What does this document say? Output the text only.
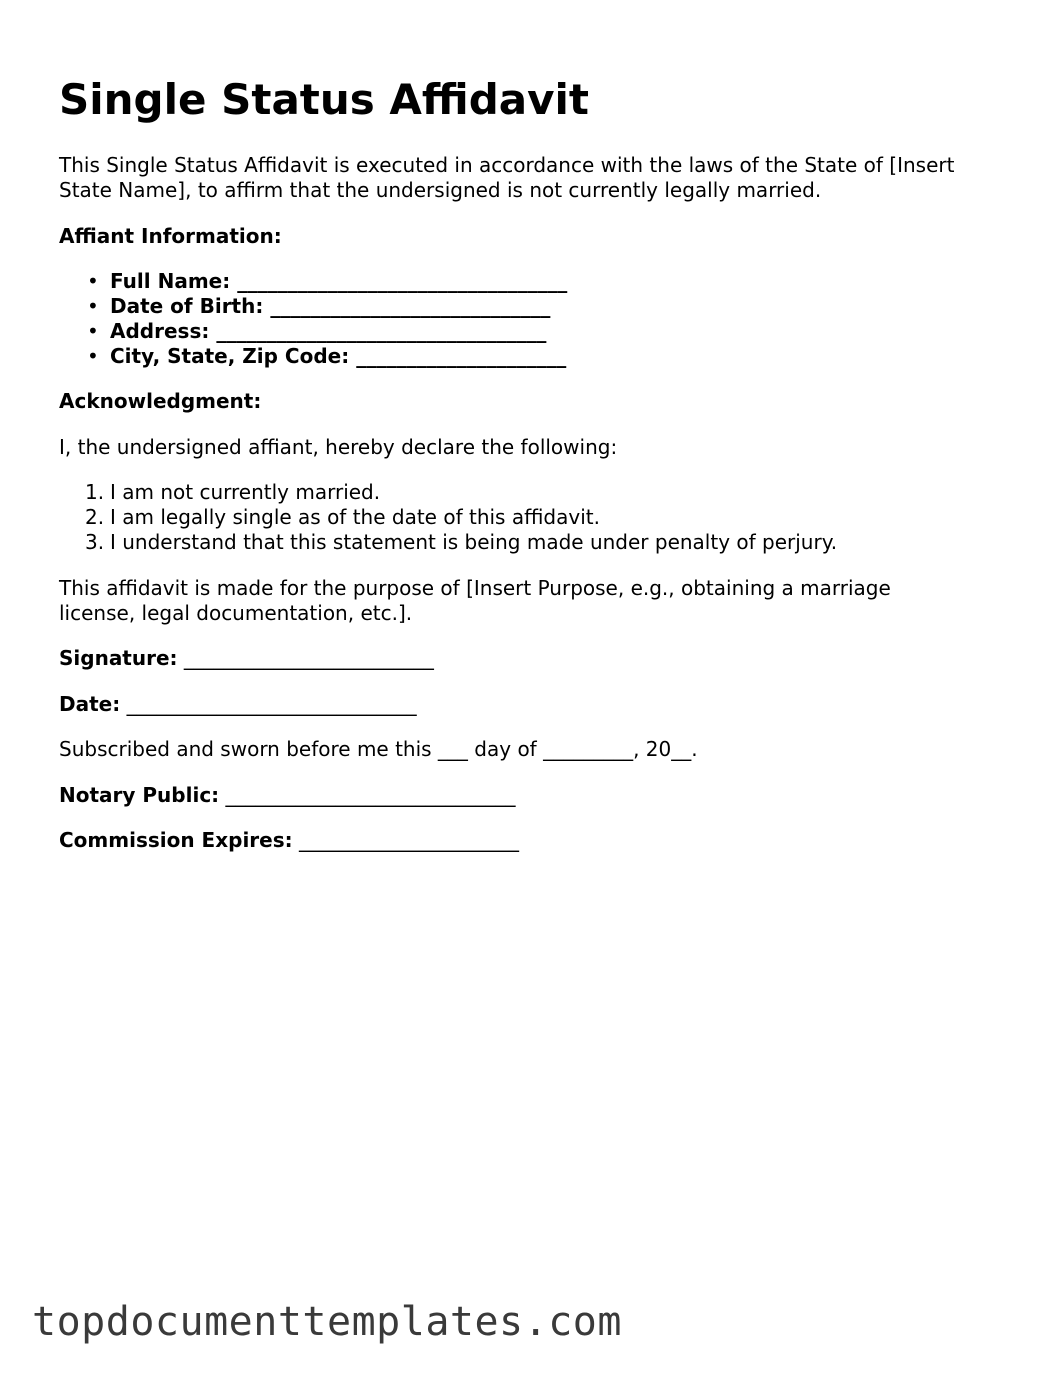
Single Status Affidavit

This Single Status Affidavit is executed in accordance with the laws of the State of [Insert State Name], to affirm that the undersigned is not currently legally married.

Affiant Information:

• Full Name: _________________________________
• Date of Birth: ____________________________
• Address: _________________________________
• City, State, Zip Code: _____________________

Acknowledgment:

I, the undersigned affiant, hereby declare the following:

1. I am not currently married.
2. I am legally single as of the date of this affidavit.
3. I understand that this statement is being made under penalty of perjury.

This affidavit is made for the purpose of [Insert Purpose, e.g., obtaining a marriage license, legal documentation, etc.].

Signature: _________________________

Date: _____________________________

Subscribed and sworn before me this ___ day of _________, 20__.

Notary Public: _____________________________

Commission Expires: ______________________

topdocumenttemplates.com
